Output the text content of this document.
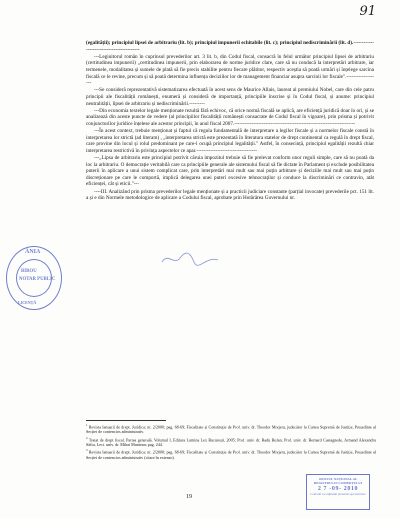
91

(egalității); principiul lipsei de arbitrariu (lit. b); principiul impunerii echitabile (lit. c); principiul nediscriminării (lit. d).-------------------------------------------

---Legiuitorul român în cuprinsul prevederilor art. 3 lit. b, din Codul fiscal, consacră în felul următor principiul lipsei de arbitrariu (certitudinea impunerii) „certitudinea impunerii, prin elaborarea de norme juridice clare, care să nu conducă la interpretări arbitrare, iar termenele, modalitatea și sumele de plată să fie precis stabilite pentru fiecare plătitor, respectiv aceștia să poată urmări și înțelege sarcina fiscală ce le revine, precum și să poată determina influența deciziilor lor de management financiar asupra sarcinii lor fiscale".-------------------

---Se consideră reprezentativă sistematizarea efectuată în acest sens de Maurice Allais, laureat al premiului Nobel, care din cele patru principii ale fiscalității românești, enumeră și consideră de importanță, principiile înscrise și în Codul fiscal, și anume: principiul neutralității, lipsei de arbitrariu și nediscriminării.---------

---Din economia textelor legale menționate rezultă fără echivoc, că orice normă fiscală se aplică, are eficiență juridică doar în ori, și se analizează din aceste puncte de vedere (al principiilor fiscalității românești consacrate de Codul fiscal în vigoare), prin prisma și potrivit conjuncturilor juridice înțelese ale acestor principii, în anul fiscal 2007.----------------------------------------------------------------------

---În acest context, trebuie menționat și faptul că regula fundamentală de interpretare a legilor fiscale și a normelor fiscale constă în interpretarea lor strictă (ad literam) , „interpretarea strictă este prezentată în literatura statelor de drept continental ca regulă în drept fiscal, care provine din locul și rolul predominant pe care-l ocupă principiul legalității." Astfel, în consecință, principiul egalității rezultă chiar interpretarea restrictivă în privința aspectelor ce apar.-----------------------------------

---„Lipsa de arbitrariu este principiul potrivit căruia impozitul trebuie să fie prelevat conform unor reguli simple, care să nu poată da loc la arbitrariu. O democrație veritabilă care ca principiile generale ale sistemului fiscal să fie dictate în Parlament și exclude posibilitatea puterii în aplicare a unui sistem complicat care, prin interpretări mai mult sau mai puțin arbitrare și deciziile mai mult sau mai puțin discreționare pe care le comportă, implică delegarea unei puteri excesive tehnocraților și conduce la discriminări ce contravin, atât eficienței, cât și eticii."---

----III. Analizând prin prisma prevederilor legale menționate și a practicii judiciare constante (parțial invocate) prevederile pct. 151 lit. a și e din Normele metodologice de aplicare a Codului fiscal, aprobate prin Hotărârea Guvernului nr.

$^1$ Revista Ianuarii de drept. Juridica; nr. 2/2000; pag. 68-69; Fiscalitate și Constituție de Prof. univ. dr. Theodor Mrejeru, judecător la Curtea Supremă de Justiție, Președinte al Secției de contencios administrativ.

$^2$ Tratat de drept fiscal, Partea generală. Volumul I, Editura Lumina Lex București, 2005; Prof. univ. dr. Radu Bufan, Prof. univ. dr. Bernard Castagnede, Armand Alexandru Săftu, Lect. univ. dr. Mihai Muntean; pag. 244.

$^3$ Revista Ianuarii de drept. Juridica; nr. 2/2000; pag. 68-69; Fiscalitate și Constituție de Prof. univ. dr. Theodor Mrejeru, judecător la Curtea Supremă de Justiție, Președinte al Secției de contencios administrativ (citare în extenso).

19
ÂNIA
BIROU
NOTAR PUBLIC
LICENȚĂ
OFICIUL NAȚIONAL AL REGISTRULUI COMERȚULUI
2 7 -09- 2010
Conform cu originalul prezentat spre înscriere
